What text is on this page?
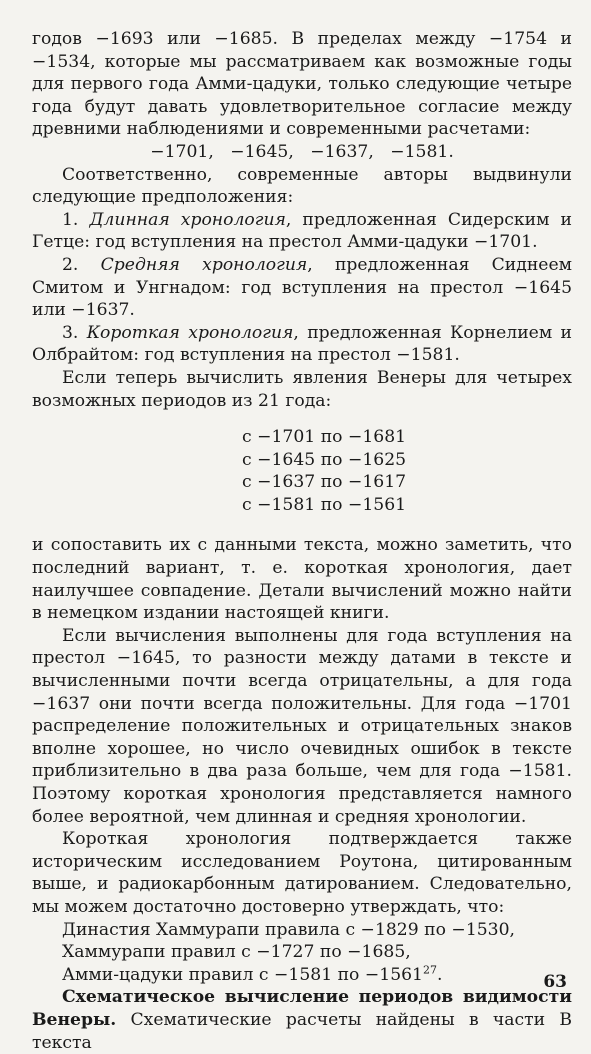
годов −1693 или −1685. В пределах между −1754 и −1534, которые мы рассматриваем как возможные годы для первого года Амми-цадуки, только следующие четыре года будут давать удовлетворительное согласие между древними наблюдениями и современными расчетами:

−1701,   −1645,   −1637,   −1581.

Соответственно, современные авторы выдвинули следующие предположения:

1. Длинная хронология, предложенная Сидерским и Гетце: год вступления на престол Амми-цадуки −1701.

2. Средняя хронология, предложенная Сиднеем Смитом и Унгнадом: год вступления на престол −1645 или −1637.

3. Короткая хронология, предложенная Корнелием и Олбрайтом: год вступления на престол −1581.

Если теперь вычислить явления Венеры для четырех возможных периодов из 21 года:

с −1701 по −1681
с −1645 по −1625
с −1637 по −1617
с −1581 по −1561

и сопоставить их с данными текста, можно заметить, что последний вариант, т. е. короткая хронология, дает наилучшее совпадение. Детали вычислений можно найти в немецком издании настоящей книги.

Если вычисления выполнены для года вступления на престол −1645, то разности между датами в тексте и вычисленными почти всегда отрицательны, а для года −1637 они почти всегда положительны. Для года −1701 распределение положительных и отрицательных знаков вполне хорошее, но число очевидных ошибок в тексте приблизительно в два раза больше, чем для года −1581. Поэтому короткая хронология представляется намного более вероятной, чем длинная и средняя хронологии.

Короткая хронология подтверждается также историческим исследованием Роутона, цитированным выше, и радиокарбонным датированием. Следовательно, мы можем достаточно достоверно утверждать, что:

Династия Хаммурапи правила с −1829 по −1530,
Хаммурапи правил с −1727 по −1685,
Амми-цадуки правил с −1581 по $-1561^{27}$.

Схематическое вычисление периодов видимости Венеры. Схематические расчеты найдены в части B текста

63
